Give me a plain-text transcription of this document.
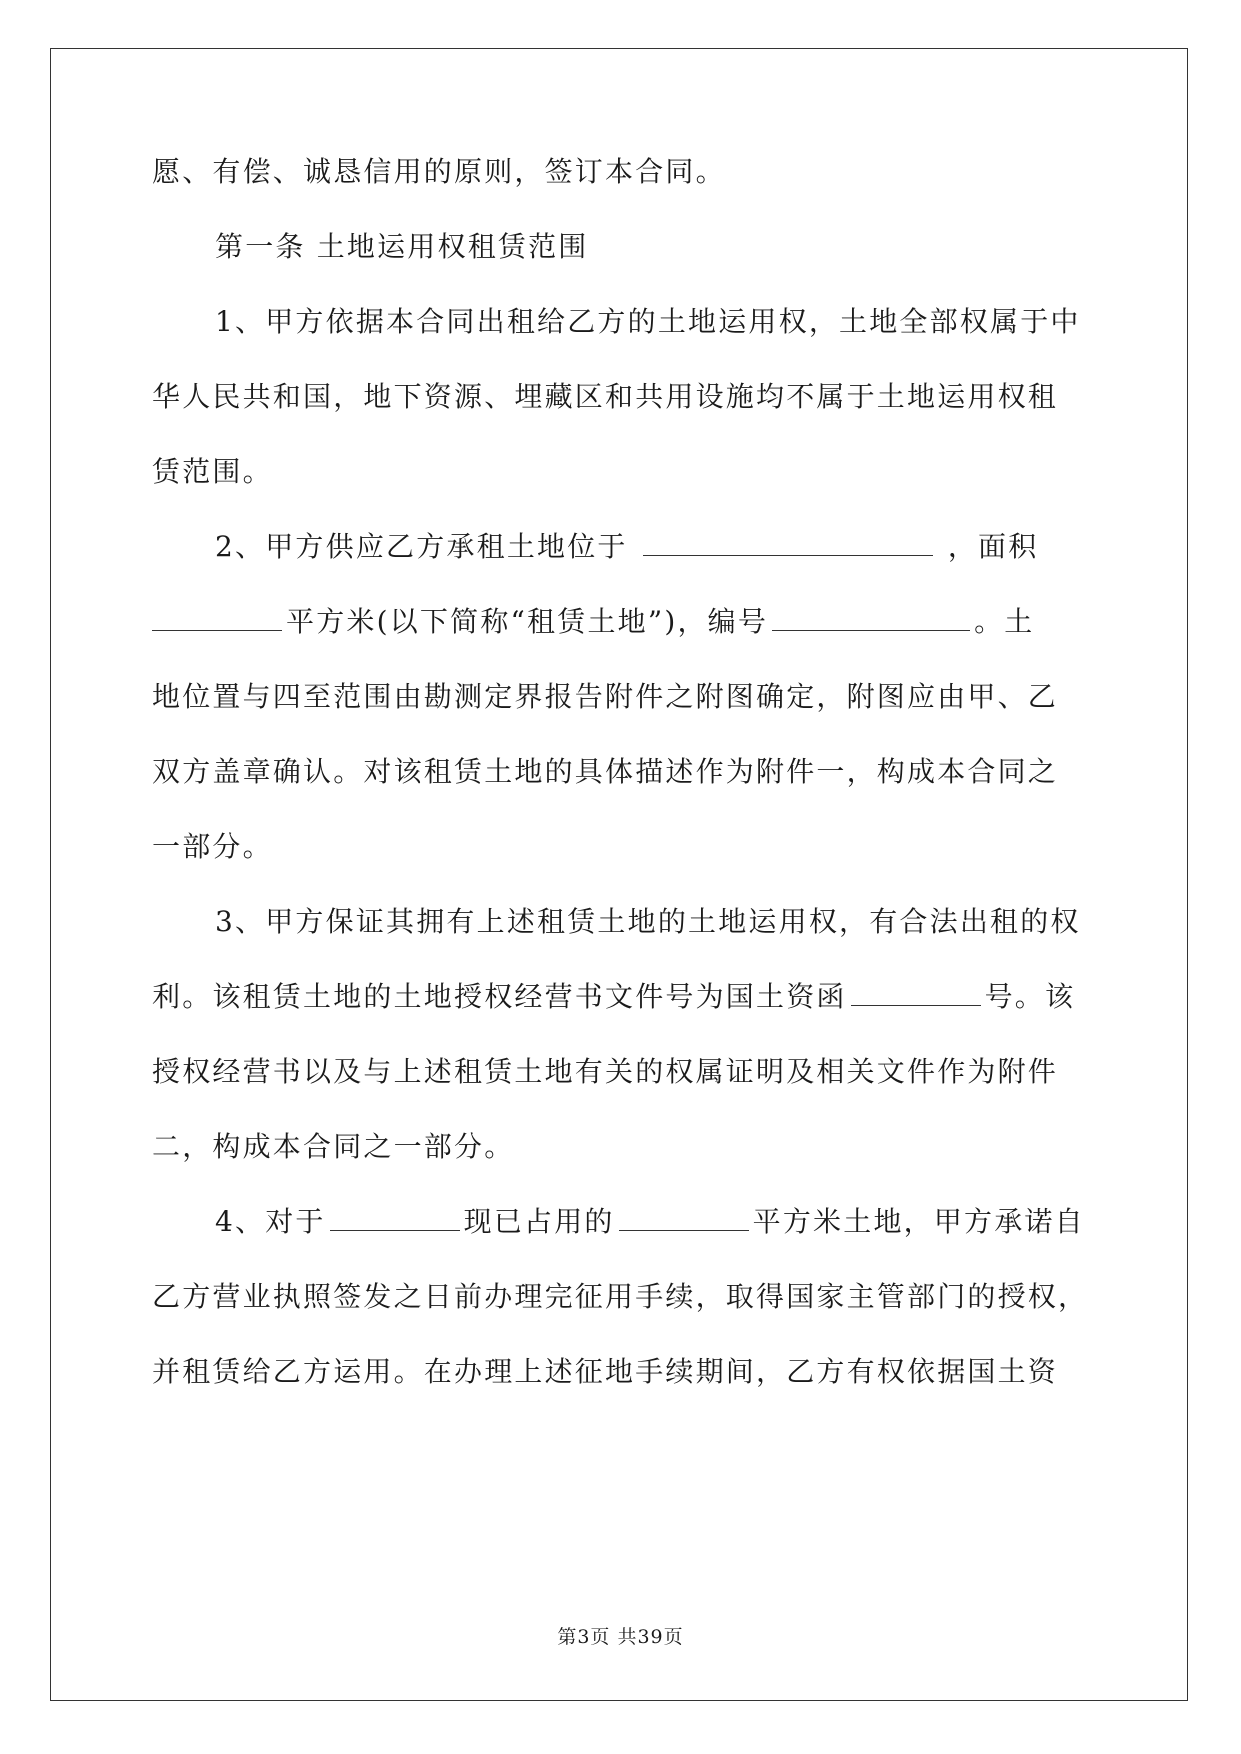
愿、有偿、诚恳信用的原则，签订本合同。
第一条 土地运用权租赁范围
1、甲方依据本合同出租给乙方的土地运用权，土地全部权属于中
华人民共和国，地下资源、埋藏区和共用设施均不属于土地运用权租
赁范围。
2、甲方供应乙方承租土地位于	，面积
平方米(以下简称“租赁土地”)，编号	。土
地位置与四至范围由勘测定界报告附件之附图确定，附图应由甲、乙
双方盖章确认。对该租赁土地的具体描述作为附件一，构成本合同之
一部分。
3、甲方保证其拥有上述租赁土地的土地运用权，有合法出租的权
利。该租赁土地的土地授权经营书文件号为国土资函	号。该
授权经营书以及与上述租赁土地有关的权属证明及相关文件作为附件
二，构成本合同之一部分。
4、对于	现已占用的	平方米土地，甲方承诺自
乙方营业执照签发之日前办理完征用手续，取得国家主管部门的授权，
并租赁给乙方运用。在办理上述征地手续期间，乙方有权依据国土资
第3页 共39页
